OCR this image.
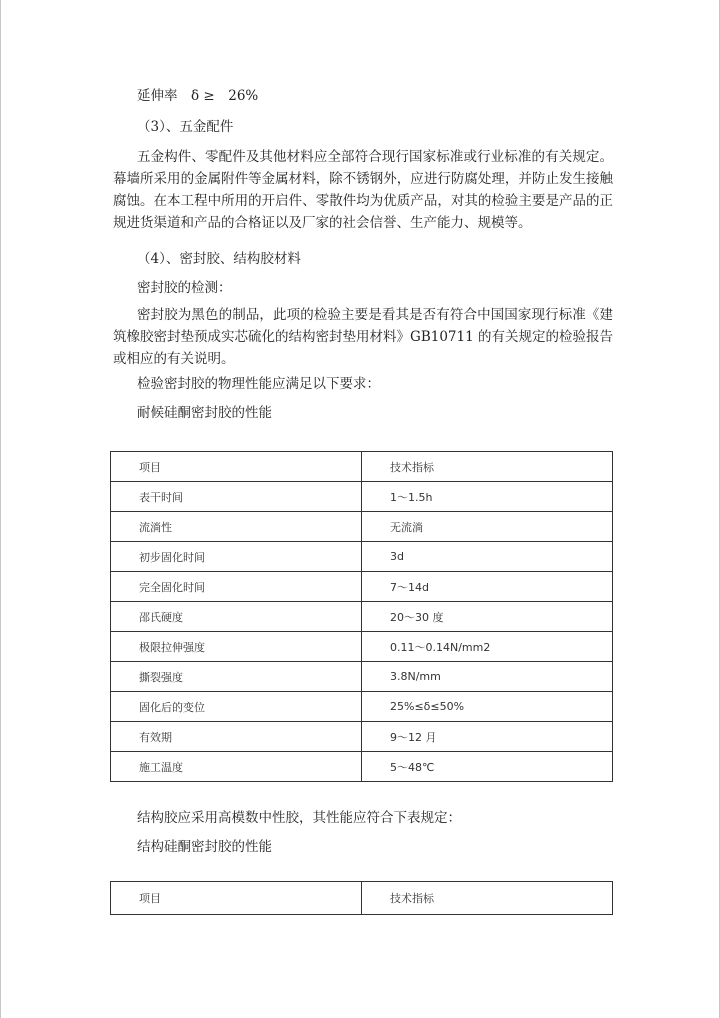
延伸率　δ ≥　26%
（3）、五金配件
五金构件、零配件及其他材料应全部符合现行国家标准或行业标准的有关规定。幕墙所采用的金属附件等金属材料，除不锈钢外，应进行防腐处理，并防止发生接触腐蚀。在本工程中所用的开启件、零散件均为优质产品，对其的检验主要是产品的正规进货渠道和产品的合格证以及厂家的社会信誉、生产能力、规模等。
（4）、密封胶、结构胶材料
密封胶的检测：
密封胶为黑色的制品，此项的检验主要是看其是否有符合中国国家现行标准《建筑橡胶密封垫预成实芯硫化的结构密封垫用材料》GB10711 的有关规定的检验报告或相应的有关说明。
检验密封胶的物理性能应满足以下要求：
耐候硅酮密封胶的性能
项目	技术指标
表干时间	1～1.5h
流淌性	无流淌
初步固化时间	3d
完全固化时间	7～14d
邵氏硬度	20～30 度
极限拉伸强度	0.11～0.14N/mm2
撕裂强度	3.8N/mm
固化后的变位	25%≤δ≤50%
有效期	9～12 月
施工温度	5～48℃
结构胶应采用高模数中性胶，其性能应符合下表规定：
结构硅酮密封胶的性能
项目	技术指标
